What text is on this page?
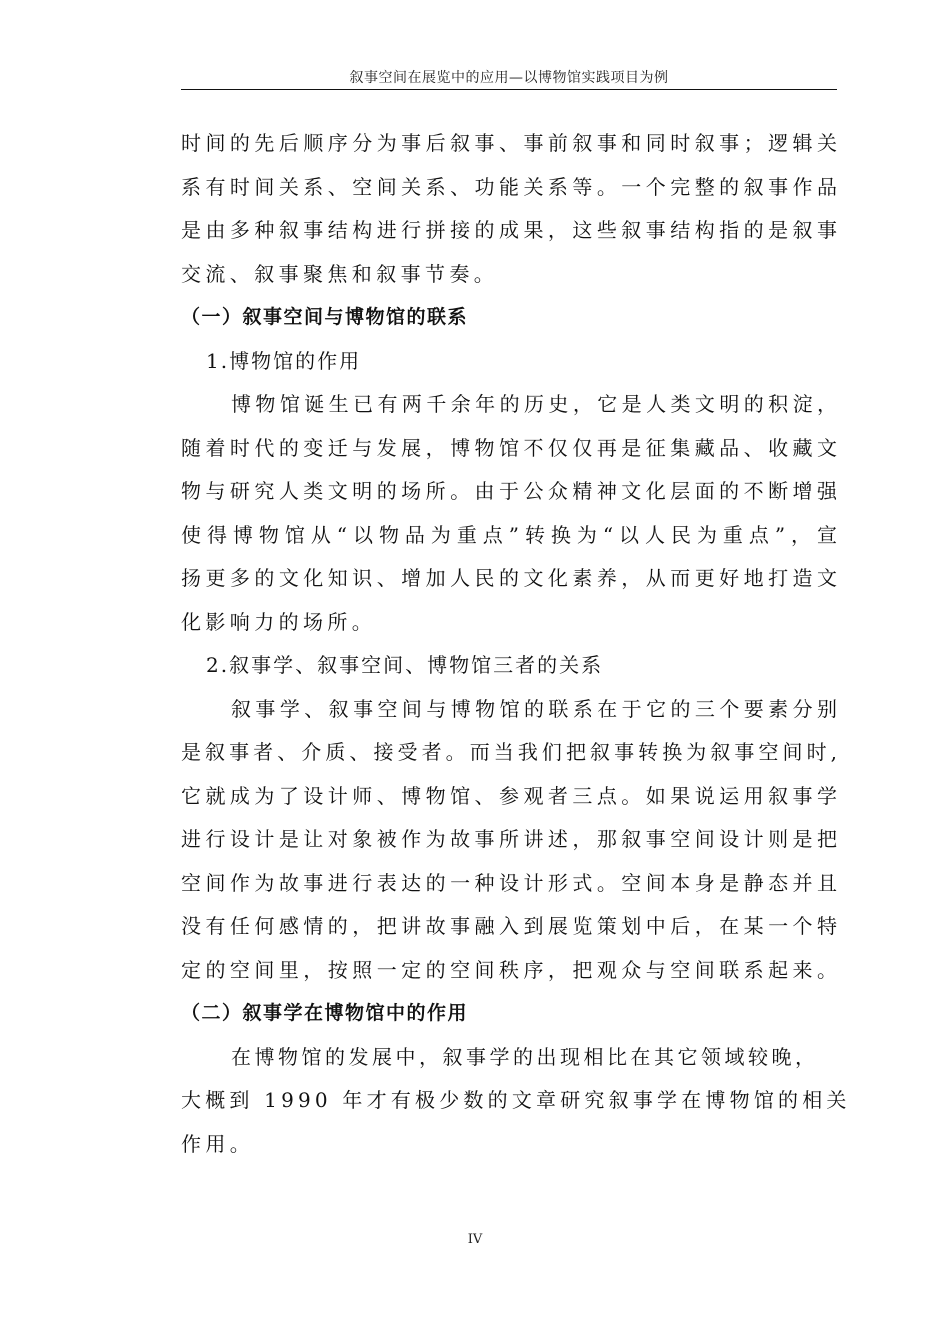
叙事空间在展览中的应用—以博物馆实践项目为例
时间的先后顺序分为事后叙事、事前叙事和同时叙事；逻辑关
系有时间关系、空间关系、功能关系等。一个完整的叙事作品
是由多种叙事结构进行拼接的成果，这些叙事结构指的是叙事
交流、叙事聚焦和叙事节奏。
（一）叙事空间与博物馆的联系
1.博物馆的作用
博物馆诞生已有两千余年的历史，它是人类文明的积淀，
随着时代的变迁与发展，博物馆不仅仅再是征集藏品、收藏文
物与研究人类文明的场所。由于公众精神文化层面的不断增强
使得博物馆从“以物品为重点”转换为“以人民为重点”，宣
扬更多的文化知识、增加人民的文化素养，从而更好地打造文
化影响力的场所。
2.叙事学、叙事空间、博物馆三者的关系
叙事学、叙事空间与博物馆的联系在于它的三个要素分别
是叙事者、介质、接受者。而当我们把叙事转换为叙事空间时,
它就成为了设计师、博物馆、参观者三点。如果说运用叙事学
进行设计是让对象被作为故事所讲述，那叙事空间设计则是把
空间作为故事进行表达的一种设计形式。空间本身是静态并且
没有任何感情的，把讲故事融入到展览策划中后，在某一个特
定的空间里，按照一定的空间秩序，把观众与空间联系起来。
（二）叙事学在博物馆中的作用
在博物馆的发展中，叙事学的出现相比在其它领域较晚，
大概到 1990 年才有极少数的文章研究叙事学在博物馆的相关
作用。
IV
